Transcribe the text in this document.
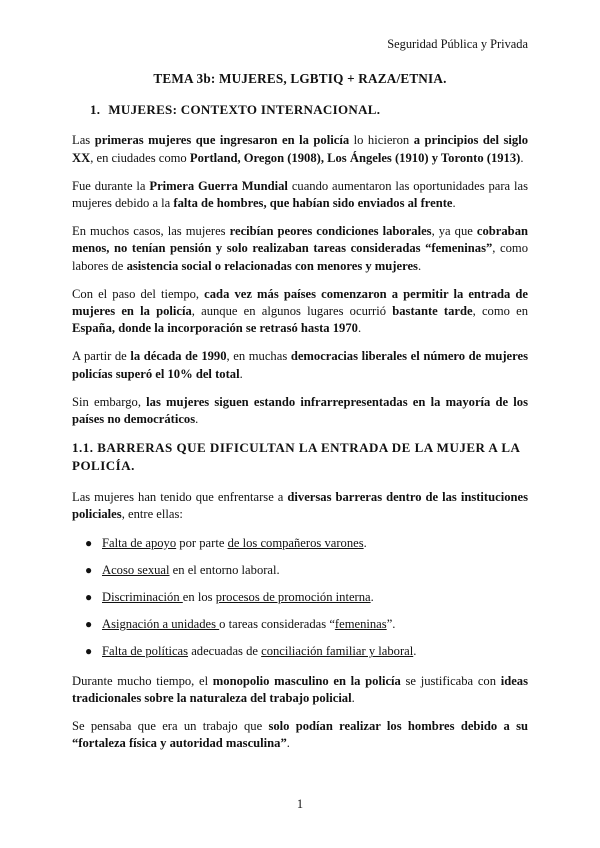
Seguridad Pública y Privada
TEMA 3b: MUJERES, LGBTIQ + RAZA/ETNIA.
1. MUJERES: CONTEXTO INTERNACIONAL.

Las primeras mujeres que ingresaron en la policía lo hicieron a principios del siglo XX, en ciudades como Portland, Oregon (1908), Los Ángeles (1910) y Toronto (1913).

Fue durante la Primera Guerra Mundial cuando aumentaron las oportunidades para las mujeres debido a la falta de hombres, que habían sido enviados al frente.

En muchos casos, las mujeres recibían peores condiciones laborales, ya que cobraban menos, no tenían pensión y solo realizaban tareas consideradas “femeninas”, como labores de asistencia social o relacionadas con menores y mujeres.

Con el paso del tiempo, cada vez más países comenzaron a permitir la entrada de mujeres en la policía, aunque en algunos lugares ocurrió bastante tarde, como en España, donde la incorporación se retrasó hasta 1970.

A partir de la década de 1990, en muchas democracias liberales el número de mujeres policías superó el 10% del total.

Sin embargo, las mujeres siguen estando infrarrepresentadas en la mayoría de los países no democráticos.

1.1. BARRERAS QUE DIFICULTAN LA ENTRADA DE LA MUJER A LA POLICÍA.

Las mujeres han tenido que enfrentarse a diversas barreras dentro de las instituciones policiales, entre ellas:

● Falta de apoyo por parte de los compañeros varones.
● Acoso sexual en el entorno laboral.
● Discriminación en los procesos de promoción interna.
● Asignación a unidades o tareas consideradas “femeninas”.
● Falta de políticas adecuadas de conciliación familiar y laboral.

Durante mucho tiempo, el monopolio masculino en la policía se justificaba con ideas tradicionales sobre la naturaleza del trabajo policial.

Se pensaba que era un trabajo que solo podían realizar los hombres debido a su “fortaleza física y autoridad masculina”.

1
